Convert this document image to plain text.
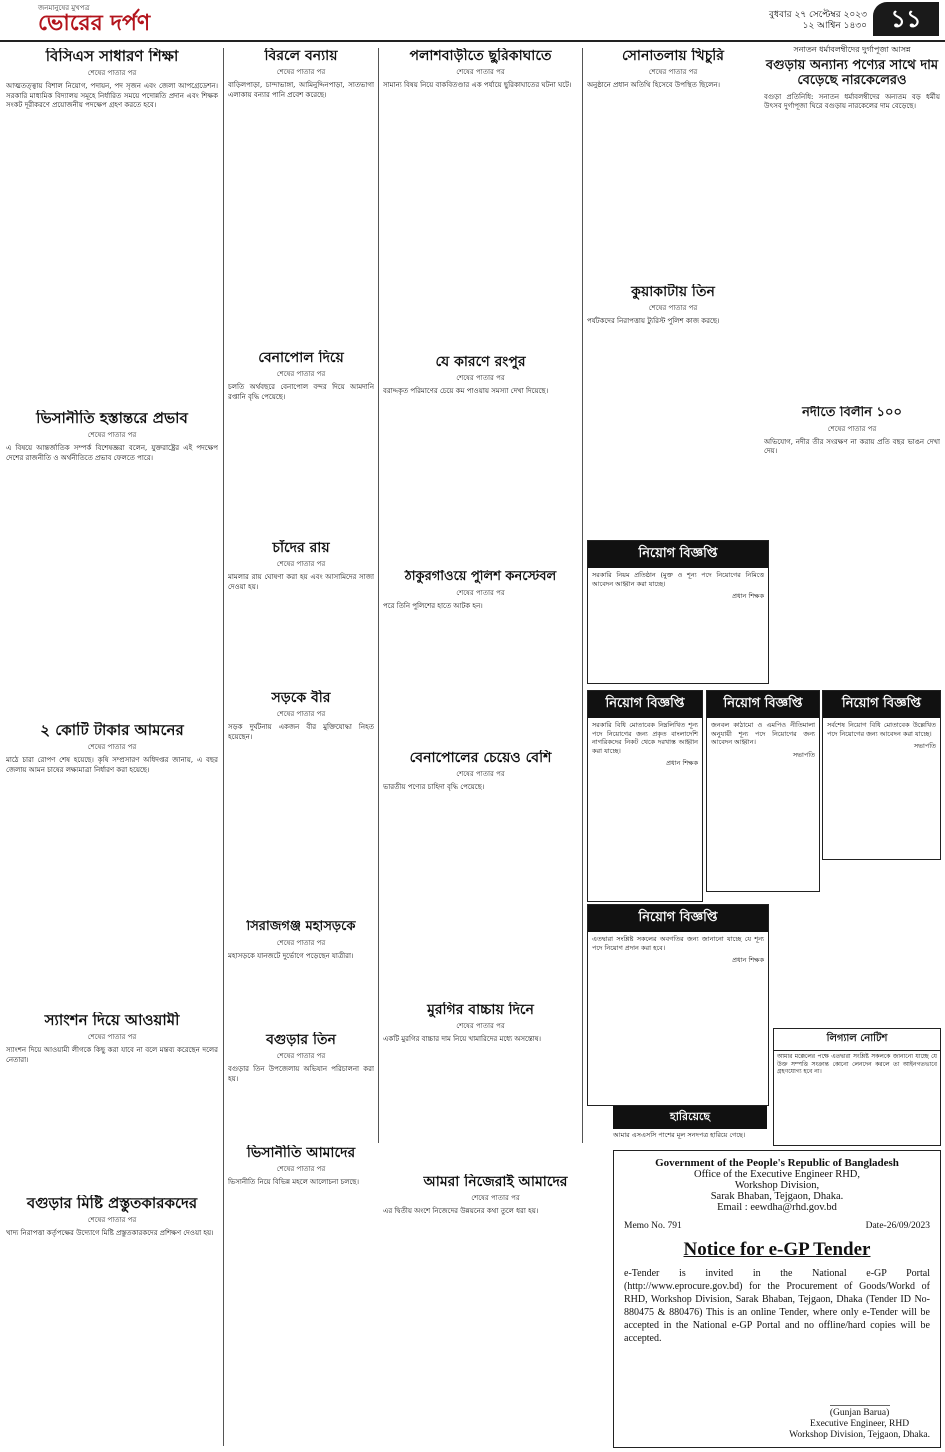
জনমানুষের মুখপত্র
ভোরের দর্পণ	বুধবার ২৭ সেপ্টেম্বর ২০২৩
১২ আশ্বিন ১৪৩০ ১১
বিসিএস সাধারণ শিক্ষা
শেষের পাতার পর

আত্মতত্ত্বায় বিশাল নিয়োগ, পদায়ন, পদ সৃজন এবং জেলা আপগ্রেডেশন। সরকারি মাধ্যমিক বিদ্যালয় সমূহে নির্ধারিত সময়ে পদোন্নতি প্রদান এবং শিক্ষক সংকট দূরীকরণে প্রয়োজনীয় পদক্ষেপ গ্রহণ করতে হবে।

ভিসানীতি হস্তান্তরে প্রভাব
শেষের পাতার পর

এ বিষয়ে আন্তর্জাতিক সম্পর্ক বিশেষজ্ঞরা বলেন, যুক্তরাষ্ট্রের এই পদক্ষেপ দেশের রাজনীতি ও অর্থনীতিতে প্রভাব ফেলতে পারে।

২ কোটি টাকার আমনের
শেষের পাতার পর

মাঠে চারা রোপণ শেষ হয়েছে। কৃষি সম্প্রসারণ অধিদপ্তর জানায়, এ বছর জেলায় আমন চাষের লক্ষ্যমাত্রা নির্ধারণ করা হয়েছে।

স্যাংশন দিয়ে আওয়ামী
শেষের পাতার পর

স্যাংশন দিয়ে আওয়ামী লীগকে কিছু করা যাবে না বলে মন্তব্য করেছেন দলের নেতারা।

বগুড়ার মিষ্টি প্রস্তুতকারকদের
শেষের পাতার পর

খাদ্য নিরাপত্তা কর্তৃপক্ষের উদ্যোগে মিষ্টি প্রস্তুতকারকদের প্রশিক্ষণ দেওয়া হয়।

বিরলে বন্যায়
শেষের পাতার পর

বাড়িলপাড়া, চান্দাভাঙ্গা, আমিনুদ্দিনপাড়া, সাতভাগা এলাকায় বন্যার পানি প্রবেশ করেছে।

বেনাপোল দিয়ে
শেষের পাতার পর

চলতি অর্থবছরে বেনাপোল বন্দর দিয়ে আমদানি রপ্তানি বৃদ্ধি পেয়েছে।

চাঁদের রায়
শেষের পাতার পর

মামলার রায় ঘোষণা করা হয় এবং আসামিদের সাজা দেওয়া হয়।

সড়কে বীর
শেষের পাতার পর

সড়ক দুর্ঘটনায় একজন বীর মুক্তিযোদ্ধা নিহত হয়েছেন।

সিরাজগঞ্জ মহাসড়কে
শেষের পাতার পর

মহাসড়কে যানজটে দুর্ভোগে পড়েছেন যাত্রীরা।

বগুড়ার তিন
শেষের পাতার পর

বগুড়ার তিন উপজেলায় অভিযান পরিচালনা করা হয়।

ভিসানীতি আমাদের
শেষের পাতার পর

ভিসানীতি নিয়ে বিভিন্ন মহলে আলোচনা চলছে।

পলাশবাড়ীতে ছুরিকাঘাতে
শেষের পাতার পর

সামান্য বিষয় নিয়ে বাকবিতণ্ডার এক পর্যায়ে ছুরিকাঘাতের ঘটনা ঘটে।

যে কারণে রংপুর
শেষের পাতার পর

বরাদ্দকৃত পরিমাণের চেয়ে কম পাওয়ায় সমস্যা দেখা দিয়েছে।

ঠাকুরগাঁওয়ে পুলিশ কনস্টেবল
শেষের পাতার পর

পরে তিনি পুলিশের হাতে আটক হন।

বেনাপোলের চেয়েও বেশি
শেষের পাতার পর

ভারতীয় পণ্যের চাহিদা বৃদ্ধি পেয়েছে।

মুরগির বাচ্চায় দিনে
শেষের পাতার পর

একটি মুরগির বাচ্চার দাম নিয়ে খামারিদের মধ্যে অসন্তোষ।

আমরা নিজেরাই আমাদের
শেষের পাতার পর

এর দ্বিতীয় অংশে নিজেদের উন্নয়নের কথা তুলে ধরা হয়।

সোনাতলায় খিচুরি
শেষের পাতার পর

অনুষ্ঠানে প্রধান অতিথি হিসেবে উপস্থিত ছিলেন।

কুয়াকাটায় তিন
শেষের পাতার পর

পর্যটকদের নিরাপত্তায় ট্যুরিস্ট পুলিশ কাজ করছে।

সনাতন ধর্মাবলম্বীদের দুর্গাপূজা আসন্ন
বগুড়ায় অন্যান্য পণ্যের সাথে দাম বেড়েছে নারকেলেরও

বগুড়া প্রতিনিধি: সনাতন ধর্মাবলম্বীদের অন্যতম বড় ধর্মীয় উৎসব দুর্গাপূজা ঘিরে বগুড়ায় নারকেলের দাম বেড়েছে।

নদীতে বিলীন ১০০
শেষের পাতার পর

অভিযোগ, নদীর তীর সংরক্ষণ না করায় প্রতি বছর ভাঙন দেখা দেয়।

নিয়োগ বিজ্ঞপ্তি
সরকারি নিয়ম প্রতিষ্ঠান (মুক্ত ও শূন্য পদে নিয়োগের নিমিত্তে আবেদন আহ্বান করা যাচ্ছে।
প্রধান শিক্ষক
নিয়োগ বিজ্ঞপ্তি
সরকারি বিধি মোতাবেক নিম্নলিখিত শূন্য পদে নিয়োগের জন্য প্রকৃত বাংলাদেশি নাগরিকদের নিকট থেকে দরখাস্ত আহ্বান করা যাচ্ছে।
প্রধান শিক্ষক
নিয়োগ বিজ্ঞপ্তি
জনবল কাঠামো ও এমপিও নীতিমালা অনুযায়ী শূন্য পদে নিয়োগের জন্য আবেদন আহ্বান।
সভাপতি
নিয়োগ বিজ্ঞপ্তি
সর্বশেষ নিয়োগ বিধি মোতাবেক উল্লেখিত পদে নিয়োগের জন্য আবেদন করা যাচ্ছে।
সভাপতি
নিয়োগ বিজ্ঞপ্তি
এতদ্বারা সংশ্লিষ্ট সকলের অবগতির জন্য জানানো যাচ্ছে যে শূন্য পদে নিয়োগ প্রদান করা হবে।
প্রধান শিক্ষক
লিগ্যাল নোটিশ
আমার মক্কেলের পক্ষে এতদ্বারা সংশ্লিষ্ট সকলকে জানানো যাচ্ছে যে উক্ত সম্পত্তি সংক্রান্ত কোনো লেনদেন করলে তা আইনগতভাবে গ্রহণযোগ্য হবে না।
হারিয়েছে
আমার এসএসসি পাশের মূল সনদপত্র হারিয়ে গেছে।
Government of the People's Republic of Bangladesh
Office of the Executive Engineer RHD,
Workshop Division,
Sarak Bhaban, Tejgaon, Dhaka.
Email : eewdha@rhd.gov.bd
Memo No. 791	Date-26/09/2023
Notice for e-GP Tender
e-Tender is invited in the National e-GP Portal (http://www.eprocure.gov.bd) for the Procurement of Goods/Workd of RHD, Workshop Division, Sarak Bhaban, Tejgaon, Dhaka (Tender ID No-880475 & 880476) This is an online Tender, where only e-Tender will be accepted in the National e-GP Portal and no offline/hard copies will be accepted.
(Gunjan Barua)
Executive Engineer, RHD
Workshop Division, Tejgaon, Dhaka.
